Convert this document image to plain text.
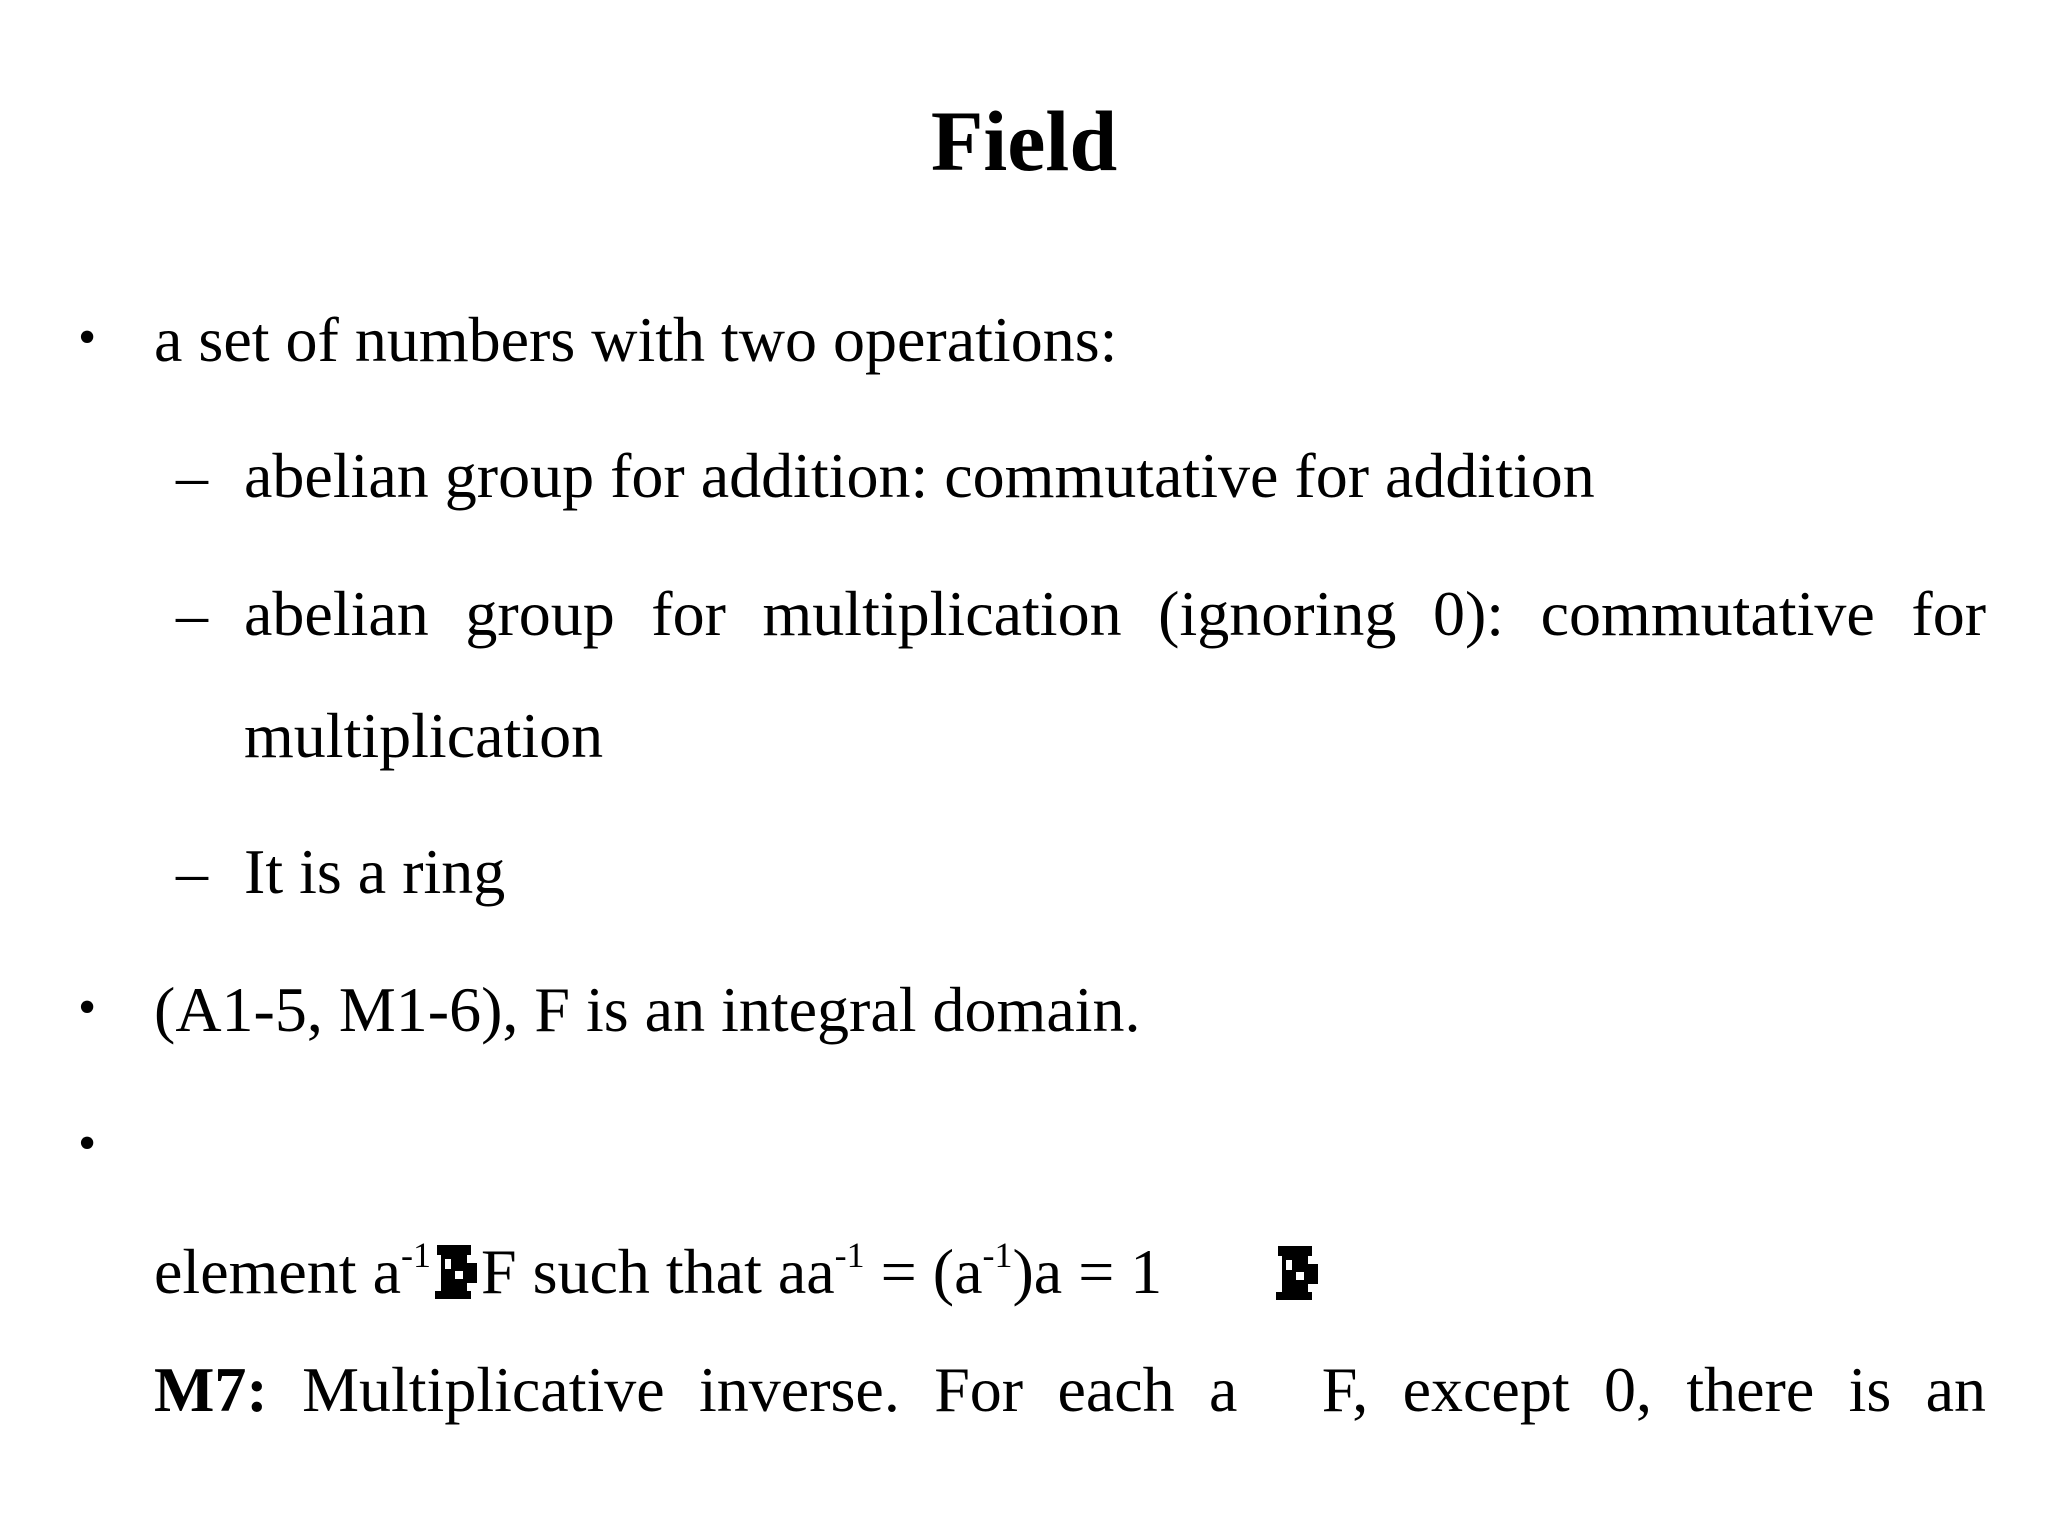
Field
• a set of numbers with two operations:
– abelian group for addition: commutative for addition
– abelian group for multiplication (ignoring 0): commutative for
multiplication
– It is a ring
• (A1-5, M1-6), F is an integral domain.
•
M7: Multiplicative inverse. For each a
F, except 0, there is an
element $a^{-1}$ F such that $aa^{-1} = (a^{-1})a = 1$
